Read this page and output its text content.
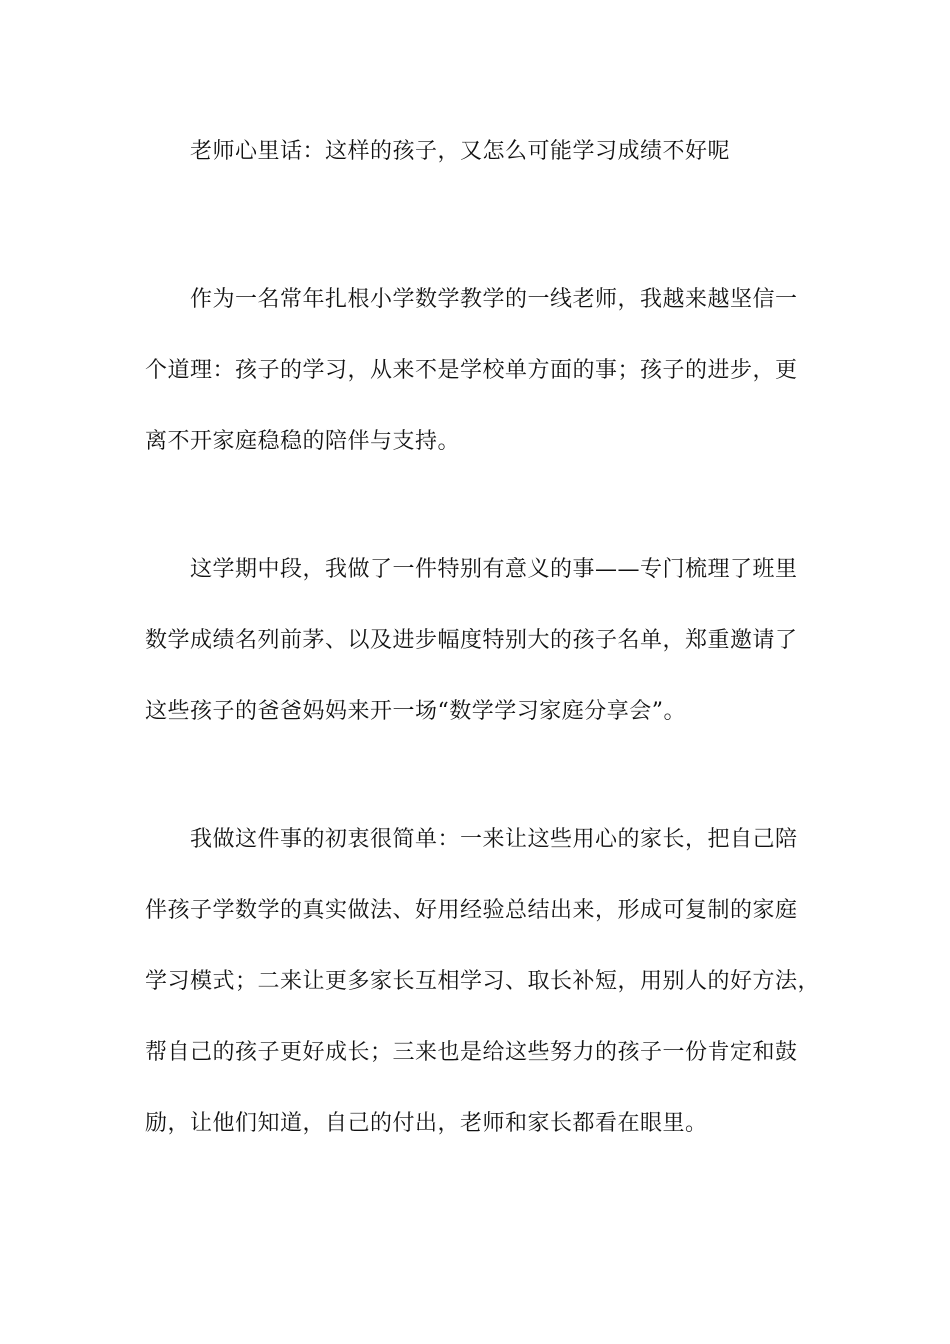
老师心里话：这样的孩子，又怎么可能学习成绩不好呢
作为一名常年扎根小学数学教学的一线老师，我越来越坚信一
个道理：孩子的学习，从来不是学校单方面的事；孩子的进步，更
离不开家庭稳稳的陪伴与支持。
这学期中段，我做了一件特别有意义的事——专门梳理了班里
数学成绩名列前茅、以及进步幅度特别大的孩子名单，郑重邀请了
这些孩子的爸爸妈妈来开一场“数学学习家庭分享会”。
我做这件事的初衷很简单：一来让这些用心的家长，把自己陪
伴孩子学数学的真实做法、好用经验总结出来，形成可复制的家庭
学习模式；二来让更多家长互相学习、取长补短，用别人的好方法，
帮自己的孩子更好成长；三来也是给这些努力的孩子一份肯定和鼓
励，让他们知道，自己的付出，老师和家长都看在眼里。
